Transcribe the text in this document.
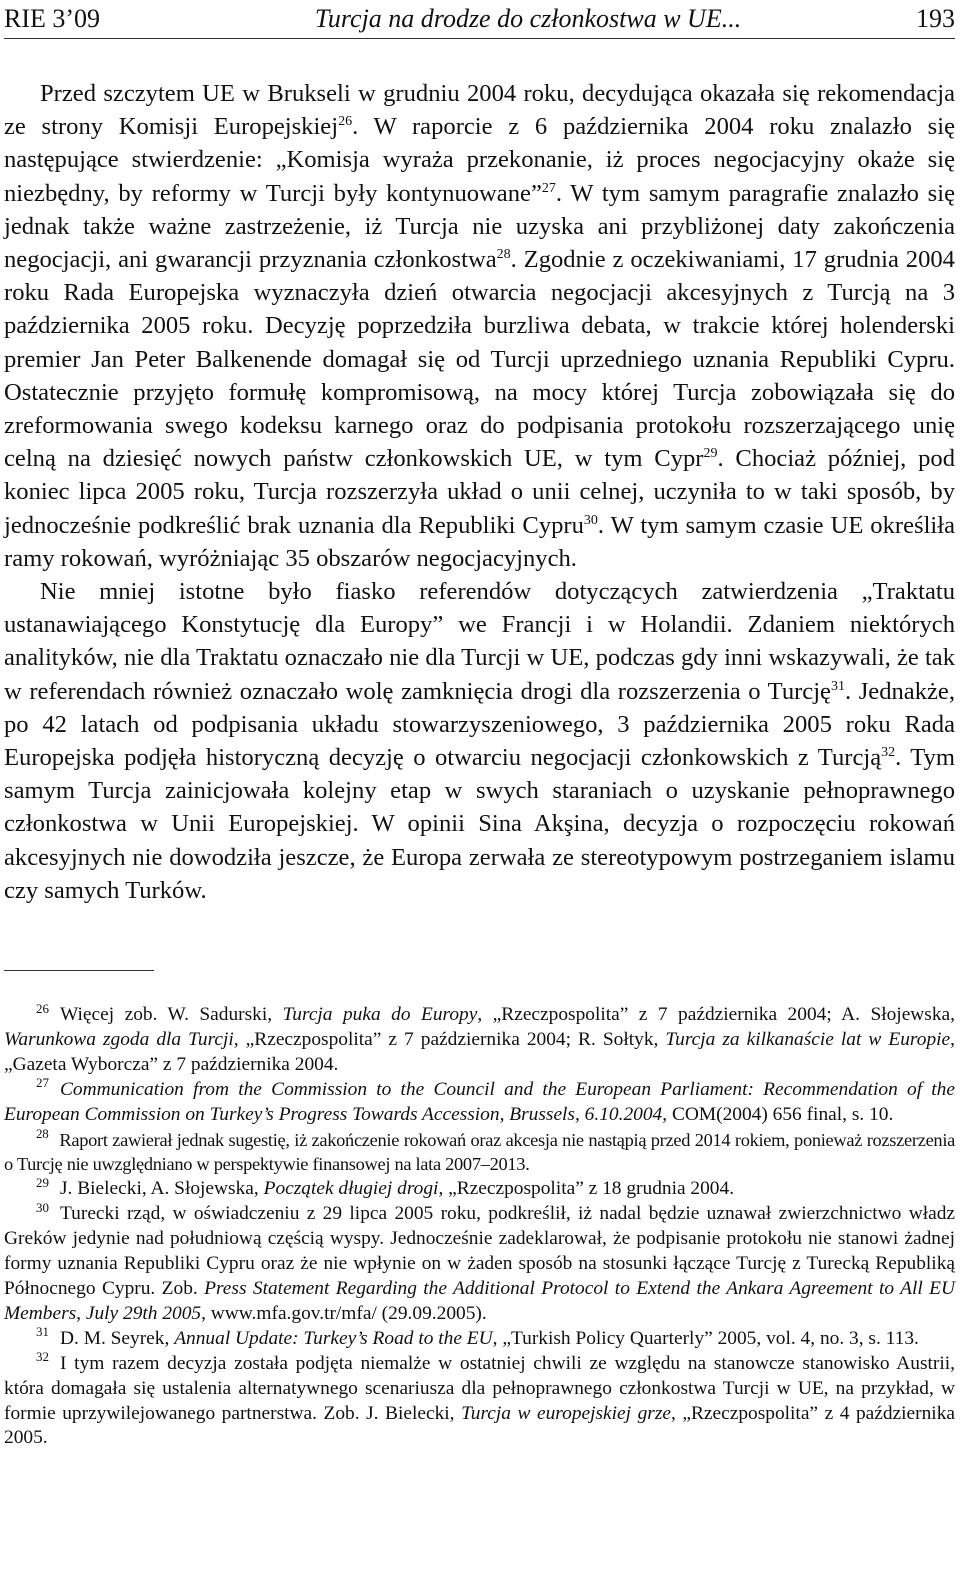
RIE 3’09	Turcja na drodze do członkostwa w UE...	193

Przed szczytem UE w Brukseli w grudniu 2004 roku, decydująca okazała się rekomendacja ze strony Komisji Europejskiej$^{26}$. W raporcie z 6 października 2004 roku znalazło się następujące stwierdzenie: „Komisja wyraża przekonanie, iż proces negocjacyjny okaże się niezbędny, by reformy w Turcji były kontynuowane”$^{27}$. W tym samym paragrafie znalazło się jednak także ważne zastrzeżenie, iż Turcja nie uzyska ani przybliżonej daty zakończenia negocjacji, ani gwarancji przyznania członkostwa$^{28}$. Zgodnie z oczekiwaniami, 17 grudnia 2004 roku Rada Europejska wyznaczyła dzień otwarcia negocjacji akcesyjnych z Turcją na 3 października 2005 roku. Decyzję poprzedziła burzliwa debata, w trakcie której holenderski premier Jan Peter Balkenende domagał się od Turcji uprzedniego uznania Republiki Cypru. Ostatecznie przyjęto formułę kompromisową, na mocy której Turcja zobowiązała się do zreformowania swego kodeksu karnego oraz do podpisania protokołu rozszerzającego unię celną na dziesięć nowych państw członkowskich UE, w tym Cypr$^{29}$. Chociaż później, pod koniec lipca 2005 roku, Turcja rozszerzyła układ o unii celnej, uczyniła to w taki sposób, by jednocześnie podkreślić brak uznania dla Republiki Cypru$^{30}$. W tym samym czasie UE określiła ramy rokowań, wyróżniając 35 obszarów negocjacyjnych.

Nie mniej istotne było fiasko referendów dotyczących zatwierdzenia „Traktatu ustanawiającego Konstytucję dla Europy” we Francji i w Holandii. Zdaniem niektórych analityków, nie dla Traktatu oznaczało nie dla Turcji w UE, podczas gdy inni wskazywali, że tak w referendach również oznaczało wolę zamknięcia drogi dla rozszerzenia o Turcję$^{31}$. Jednakże, po 42 latach od podpisania układu stowarzyszeniowego, 3 października 2005 roku Rada Europejska podjęła historyczną decyzję o otwarciu negocjacji członkowskich z Turcją$^{32}$. Tym samym Turcja zainicjowała kolejny etap w swych staraniach o uzyskanie pełnoprawnego członkostwa w Unii Europejskiej. W opinii Sina Akşina, decyzja o rozpoczęciu rokowań akcesyjnych nie dowodziła jeszcze, że Europa zerwała ze stereotypowym postrzeganiem islamu czy samych Turków.

$^{26}$ Więcej zob. W. Sadurski, Turcja puka do Europy, „Rzeczpospolita” z 7 października 2004; A. Słojewska, Warunkowa zgoda dla Turcji, „Rzeczpospolita” z 7 października 2004; R. Sołtyk, Turcja za kilkanaście lat w Europie, „Gazeta Wyborcza” z 7 października 2004.

$^{27}$ Communication from the Commission to the Council and the European Parliament: Recommendation of the European Commission on Turkey’s Progress Towards Accession, Brussels, 6.10.2004, COM(2004) 656 final, s. 10.

$^{28}$ Raport zawierał jednak sugestię, iż zakończenie rokowań oraz akcesja nie nastąpią przed 2014 rokiem, ponieważ rozszerzenia o Turcję nie uwzględniano w perspektywie finansowej na lata 2007–2013.

$^{29}$ J. Bielecki, A. Słojewska, Początek długiej drogi, „Rzeczpospolita” z 18 grudnia 2004.

$^{30}$ Turecki rząd, w oświadczeniu z 29 lipca 2005 roku, podkreślił, iż nadal będzie uznawał zwierzchnictwo władz Greków jedynie nad południową częścią wyspy. Jednocześnie zadeklarował, że podpisanie protokołu nie stanowi żadnej formy uznania Republiki Cypru oraz że nie wpłynie on w żaden sposób na stosunki łączące Turcję z Turecką Republiką Północnego Cypru. Zob. Press Statement Regarding the Additional Protocol to Extend the Ankara Agreement to All EU Members, July 29th 2005, www.mfa.gov.tr/mfa/ (29.09.2005).

$^{31}$ D. M. Seyrek, Annual Update: Turkey’s Road to the EU, „Turkish Policy Quarterly” 2005, vol. 4, no. 3, s. 113.

$^{32}$ I tym razem decyzja została podjęta niemalże w ostatniej chwili ze względu na stanowcze stanowisko Austrii, która domagała się ustalenia alternatywnego scenariusza dla pełnoprawnego członkostwa Turcji w UE, na przykład, w formie uprzywilejowanego partnerstwa. Zob. J. Bielecki, Turcja w europejskiej grze, „Rzeczpospolita” z 4 października 2005.
